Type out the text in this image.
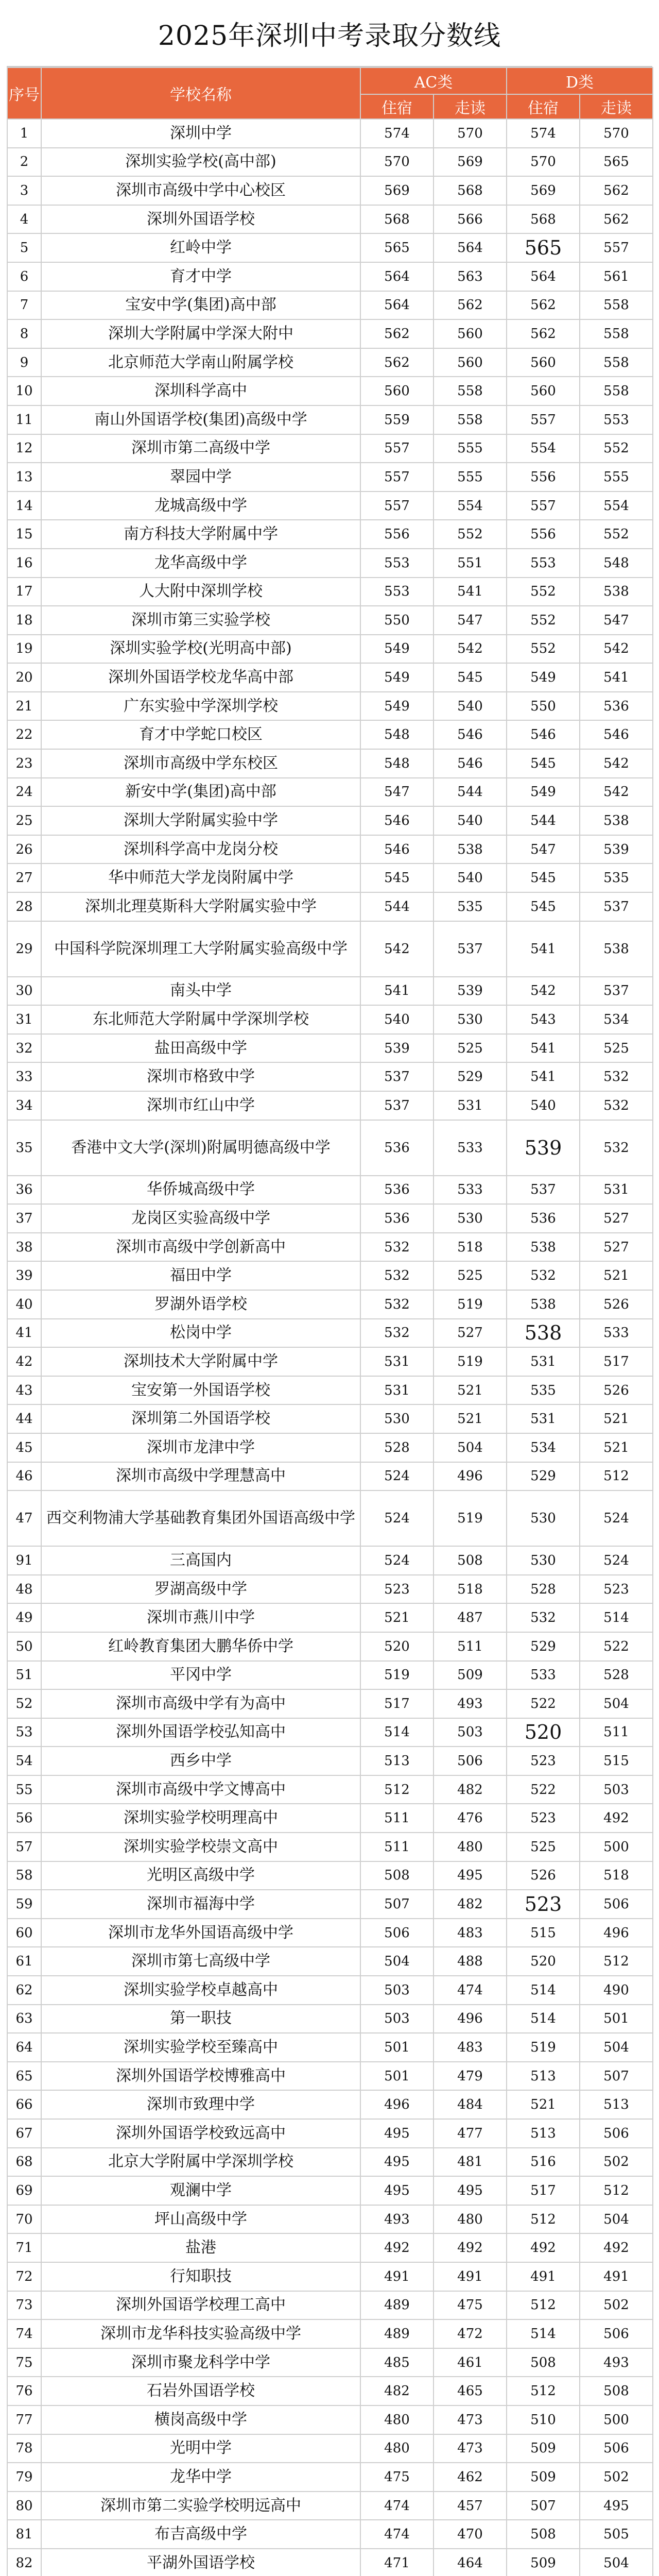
2025年深圳中考录取分数线
序号	学校名称	AC类		D类	
		住宿	走读	住宿	走读
1	深圳中学	574	570	574	570
2	深圳实验学校(高中部)	570	569	570	565
3	深圳市高级中学中心校区	569	568	569	562
4	深圳外国语学校	568	566	568	562
5	红岭中学	565	564	565	557
6	育才中学	564	563	564	561
7	宝安中学(集团)高中部	564	562	562	558
8	深圳大学附属中学深大附中	562	560	562	558
9	北京师范大学南山附属学校	562	560	560	558
10	深圳科学高中	560	558	560	558
11	南山外国语学校(集团)高级中学	559	558	557	553
12	深圳市第二高级中学	557	555	554	552
13	翠园中学	557	555	556	555
14	龙城高级中学	557	554	557	554
15	南方科技大学附属中学	556	552	556	552
16	龙华高级中学	553	551	553	548
17	人大附中深圳学校	553	541	552	538
18	深圳市第三实验学校	550	547	552	547
19	深圳实验学校(光明高中部)	549	542	552	542
20	深圳外国语学校龙华高中部	549	545	549	541
21	广东实验中学深圳学校	549	540	550	536
22	育才中学蛇口校区	548	546	546	546
23	深圳市高级中学东校区	548	546	545	542
24	新安中学(集团)高中部	547	544	549	542
25	深圳大学附属实验中学	546	540	544	538
26	深圳科学高中龙岗分校	546	538	547	539
27	华中师范大学龙岗附属中学	545	540	545	535
28	深圳北理莫斯科大学附属实验中学	544	535	545	537
29	中国科学院深圳理工大学附属实验高级中学	542	537	541	538
30	南头中学	541	539	542	537
31	东北师范大学附属中学深圳学校	540	530	543	534
32	盐田高级中学	539	525	541	525
33	深圳市格致中学	537	529	541	532
34	深圳市红山中学	537	531	540	532
35	香港中文大学(深圳)附属明德高级中学	536	533	539	532
36	华侨城高级中学	536	533	537	531
37	龙岗区实验高级中学	536	530	536	527
38	深圳市高级中学创新高中	532	518	538	527
39	福田中学	532	525	532	521
40	罗湖外语学校	532	519	538	526
41	松岗中学	532	527	538	533
42	深圳技术大学附属中学	531	519	531	517
43	宝安第一外国语学校	531	521	535	526
44	深圳第二外国语学校	530	521	531	521
45	深圳市龙津中学	528	504	534	521
46	深圳市高级中学理慧高中	524	496	529	512
47	西交利物浦大学基础教育集团外国语高级中学	524	519	530	524
91	三高国内	524	508	530	524
48	罗湖高级中学	523	518	528	523
49	深圳市燕川中学	521	487	532	514
50	红岭教育集团大鹏华侨中学	520	511	529	522
51	平冈中学	519	509	533	528
52	深圳市高级中学有为高中	517	493	522	504
53	深圳外国语学校弘知高中	514	503	520	511
54	西乡中学	513	506	523	515
55	深圳市高级中学文博高中	512	482	522	503
56	深圳实验学校明理高中	511	476	523	492
57	深圳实验学校崇文高中	511	480	525	500
58	光明区高级中学	508	495	526	518
59	深圳市福海中学	507	482	523	506
60	深圳市龙华外国语高级中学	506	483	515	496
61	深圳市第七高级中学	504	488	520	512
62	深圳实验学校卓越高中	503	474	514	490
63	第一职技	503	496	514	501
64	深圳实验学校至臻高中	501	483	519	504
65	深圳外国语学校博雅高中	501	479	513	507
66	深圳市致理中学	496	484	521	513
67	深圳外国语学校致远高中	495	477	513	506
68	北京大学附属中学深圳学校	495	481	516	502
69	观澜中学	495	495	517	512
70	坪山高级中学	493	480	512	504
71	盐港	492	492	492	492
72	行知职技	491	491	491	491
73	深圳外国语学校理工高中	489	475	512	502
74	深圳市龙华科技实验高级中学	489	472	514	506
75	深圳市聚龙科学中学	485	461	508	493
76	石岩外国语学校	482	465	512	508
77	横岗高级中学	480	473	510	500
78	光明中学	480	473	509	506
79	龙华中学	475	462	509	502
80	深圳市第二实验学校明远高中	474	457	507	495
81	布吉高级中学	474	470	508	505
82	平湖外国语学校	471	464	509	504
